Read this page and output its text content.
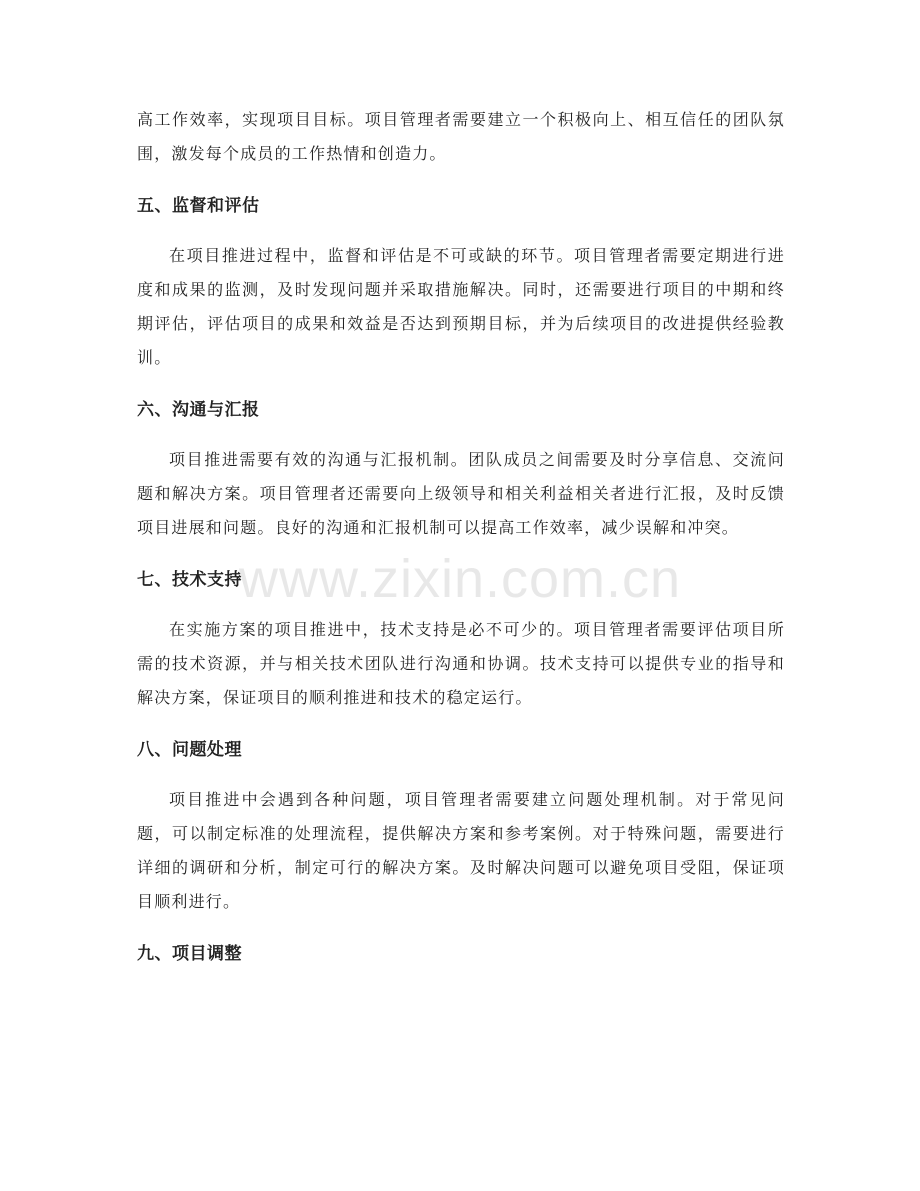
高工作效率，实现项目目标。项目管理者需要建立一个积极向上、相互信任的团队氛围，激发每个成员的工作热情和创造力。

五、监督和评估

在项目推进过程中，监督和评估是不可或缺的环节。项目管理者需要定期进行进度和成果的监测，及时发现问题并采取措施解决。同时，还需要进行项目的中期和终期评估，评估项目的成果和效益是否达到预期目标，并为后续项目的改进提供经验教训。

六、沟通与汇报

项目推进需要有效的沟通与汇报机制。团队成员之间需要及时分享信息、交流问题和解决方案。项目管理者还需要向上级领导和相关利益相关者进行汇报，及时反馈项目进展和问题。良好的沟通和汇报机制可以提高工作效率，减少误解和冲突。

七、技术支持

在实施方案的项目推进中，技术支持是必不可少的。项目管理者需要评估项目所需的技术资源，并与相关技术团队进行沟通和协调。技术支持可以提供专业的指导和解决方案，保证项目的顺利推进和技术的稳定运行。

八、问题处理

项目推进中会遇到各种问题，项目管理者需要建立问题处理机制。对于常见问题，可以制定标准的处理流程，提供解决方案和参考案例。对于特殊问题，需要进行详细的调研和分析，制定可行的解决方案。及时解决问题可以避免项目受阻，保证项目顺利进行。

九、项目调整
www.zixin.com.cn
